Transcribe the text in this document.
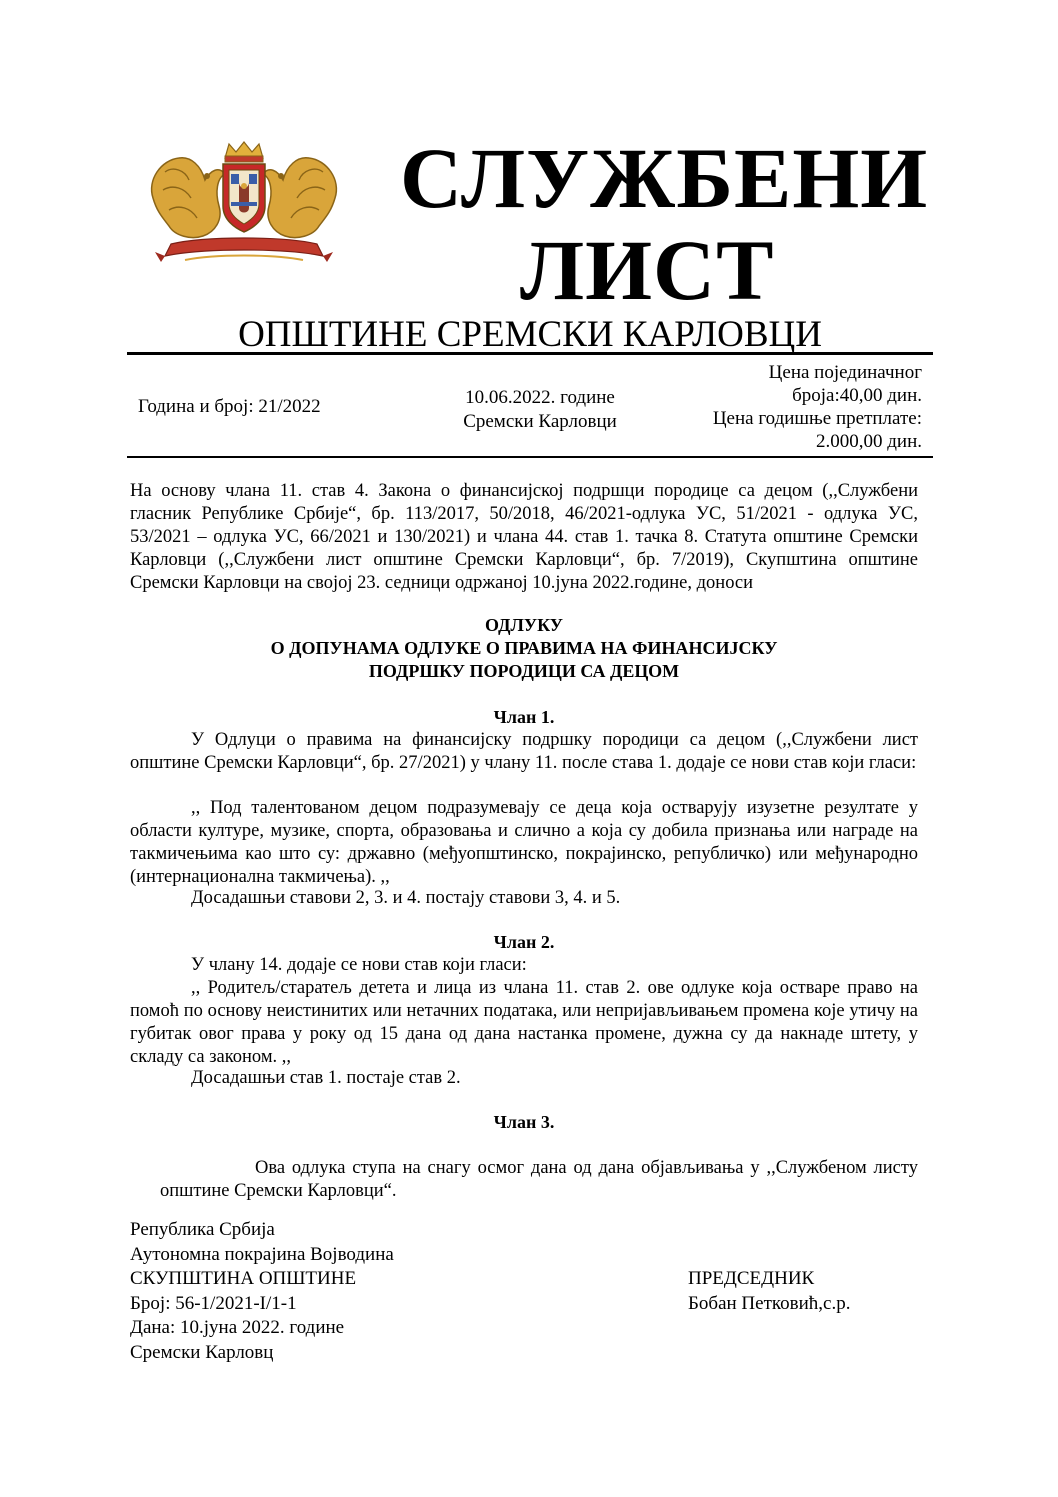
СЛУЖБЕНИ
ЛИСТ
ОПШТИНЕ СРЕМСКИ КАРЛОВЦИ
Година и број: 21/2022	10.06.2022. године
Сремски Карловци
Цена појединачног
броја:40,00 дин.
Цена годишње претплате:
2.000,00 дин.
На основу члана 11. став 4. Закона о финансијској подршци породице са децом (,,Службени гласник Републике Србије“, бр. 113/2017, 50/2018, 46/2021-одлука УС, 51/2021 - одлука УС, 53/2021 – одлука УС, 66/2021 и 130/2021) и члана 44. став 1. тачка 8. Статута општине Сремски Карловци (,,Службени лист општине Сремски Карловци“, бр. 7/2019), Скупштина општине Сремски Карловци на својој 23. седници одржаној 10.јуна 2022.године, доноси
ОДЛУКУ
О ДОПУНАМА ОДЛУКЕ О ПРАВИМА НА ФИНАНСИЈСКУ
ПОДРШКУ ПОРОДИЦИ СА ДЕЦОМ
Члан 1.
У Одлуци о правима на финансијску подршку породици са децом (,,Службени лист општине Сремски Карловци“, бр. 27/2021) у члану 11. после става 1. додаје се нови став који гласи:
,, Под талентованом децом подразумевају се деца која остварују изузетне резултате у области културе, музике, спорта, образовања и слично а која су добила признања или награде на такмичењима као што су: државно (међуопштинско, покрајинско, републичко) или међународно (интернационална такмичења). ,,
Досадашњи ставови 2, 3. и 4. постају ставови 3, 4. и 5.
Члан 2.
У члану 14. додаје се нови став који гласи:
,, Родитељ/старатељ детета и лица из члана 11. став 2. ове одлуке која остваре право на помоћ по основу неистинитих или нетачних података, или непријављивањем промена које утичу на губитак овог права у року од 15 дана од дана настанка промене, дужна су да накнаде штету, у складу са законом. ,,
Досадашњи став 1. постаје став 2.
Члан 3.
Ова одлука ступа на снагу осмог дана од дана објављивања у ,,Службеном листу општине Сремски Карловци“.
Република Србија
Аутономна покрајина Војводина
СКУПШТИНА ОПШТИНЕ
Број: 56-1/2021-I/1-1
Дана: 10.јуна 2022. године
Сремски Карловц
ПРЕДСЕДНИК
Бобан Петковић,с.р.
